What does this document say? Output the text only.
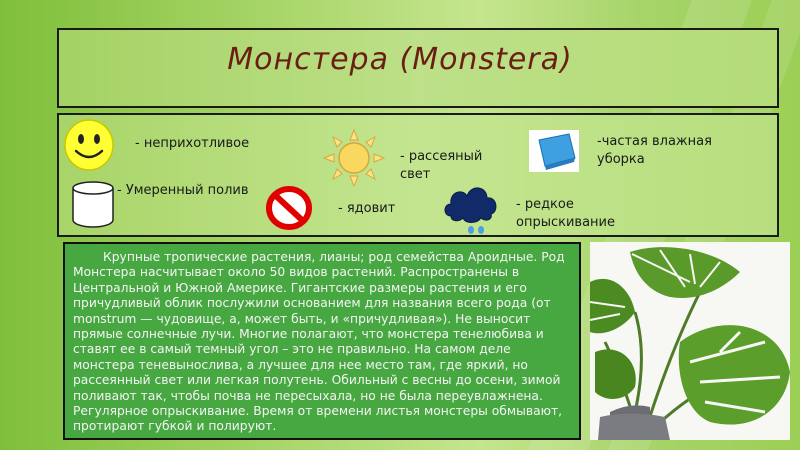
Монстера (Monstera)
- неприхотливое
- Умеренный полив
- рассеяный свет
- ядовит
-частая влажная уборка
- редкое опрыскивание

Крупные тропические растения, лианы; род семейства Ароидные. Род Монстера насчитывает около 50 видов растений. Распространены в Центральной и Южной Америке. Гигантские размеры растения и его причудливый облик послужили основанием для названия всего рода (от monstrum — чудовище, а, может быть, и «причудливая»). Не выносит прямые солнечные лучи. Многие полагают, что монстера тенелюбива и ставят ее в самый темный угол – это не правильно. На самом деле монстера теневынослива, а лучшее для нее место там, где яркий, но рассеянный свет или легкая полутень. Обильный с весны до осени, зимой поливают так, чтобы почва не пересыхала, но не была переувлажнена. Регулярное опрыскивание. Время от времени листья монстеры обмывают, протирают губкой и полируют.
